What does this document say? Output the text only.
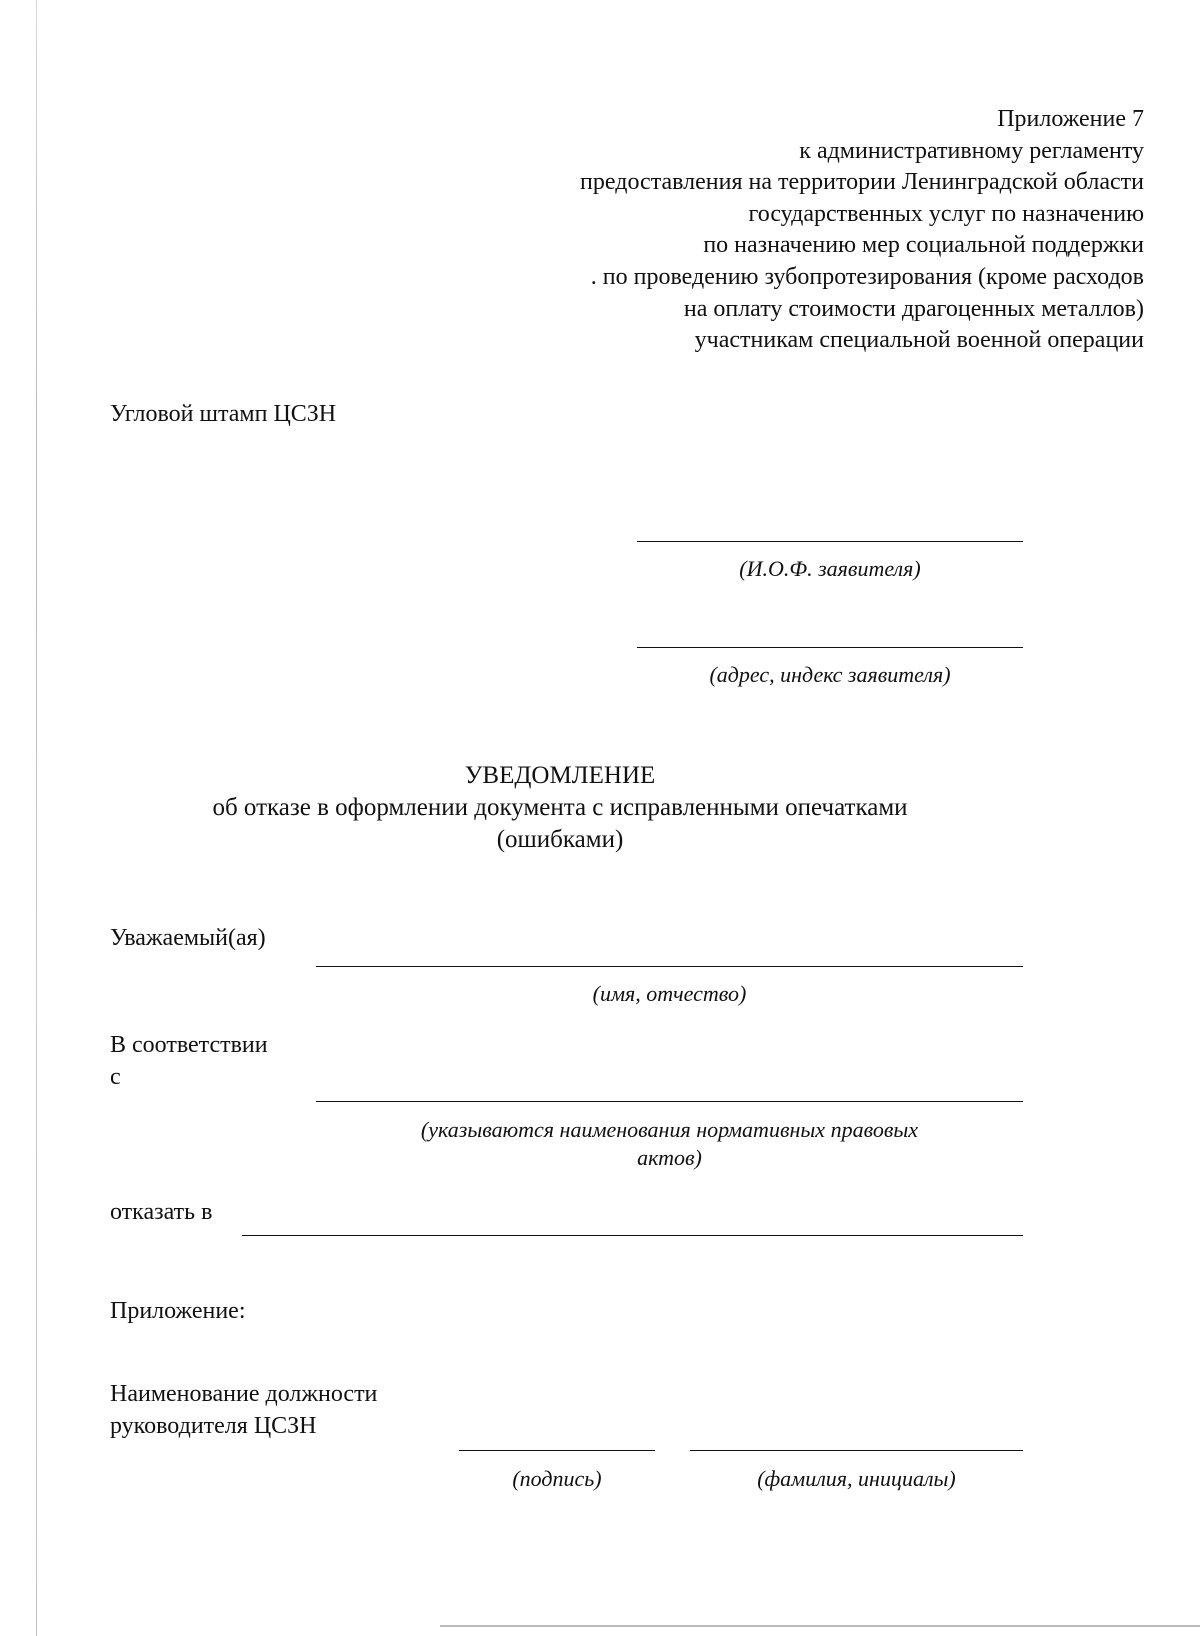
Приложение 7
к административному регламенту
предоставления на территории Ленинградской области
государственных услуг по назначению
по назначению мер социальной поддержки
. по проведению зубопротезирования (кроме расходов
на оплату стоимости драгоценных металлов)
участникам специальной военной операции
Угловой штамп ЦСЗН
(И.О.Ф. заявителя)
(адрес, индекс заявителя)
УВЕДОМЛЕНИЕ
об отказе в оформлении документа с исправленными опечатками
(ошибками)
Уважаемый(ая)
(имя, отчество)
В соответствии
с
(указываются наименования нормативных правовых
актов)
отказать в
Приложение:
Наименование должности
руководителя ЦСЗН
(подпись)	(фамилия, инициалы)
